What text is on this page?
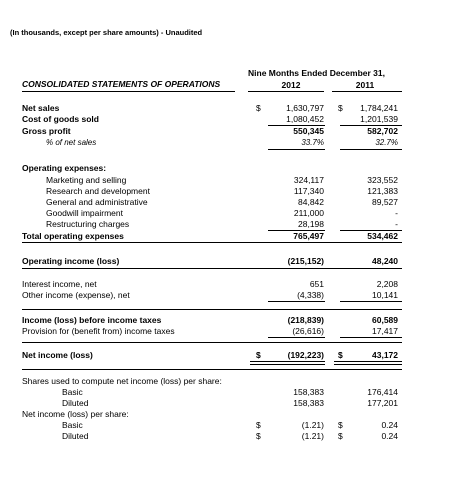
(In thousands, except per share amounts) - Unaudited
Nine Months Ended December 31,
CONSOLIDATED STATEMENTS OF OPERATIONS	2012	2011
Net sales	$	1,630,797 $	1,784,241
Cost of goods sold	1,080,452	1,201,539
Gross profit	550,345	582,702
% of net sales	33.7%	32.7%
Operating expenses:
Marketing and selling	324,117	323,552
Research and development	117,340	121,383
General and administrative	84,842	89,527
Goodwill impairment	211,000	-
Restructuring charges	28,198	-
Total operating expenses	765,497	534,462
Operating income (loss)	(215,152)	48,240
Interest income, net	651	2,208
Other income (expense), net	(4,338)	10,141
Income (loss) before income taxes	(218,839)	60,589
Provision for (benefit from) income taxes	(26,616)	17,417
Net income (loss)	$	(192,223) $	43,172
Shares used to compute net income (loss) per share:
Basic	158,383	176,414
Diluted	158,383	177,201
Net income (loss) per share:
Basic	$	(1.21) $	0.24
Diluted	$	(1.21) $	0.24
